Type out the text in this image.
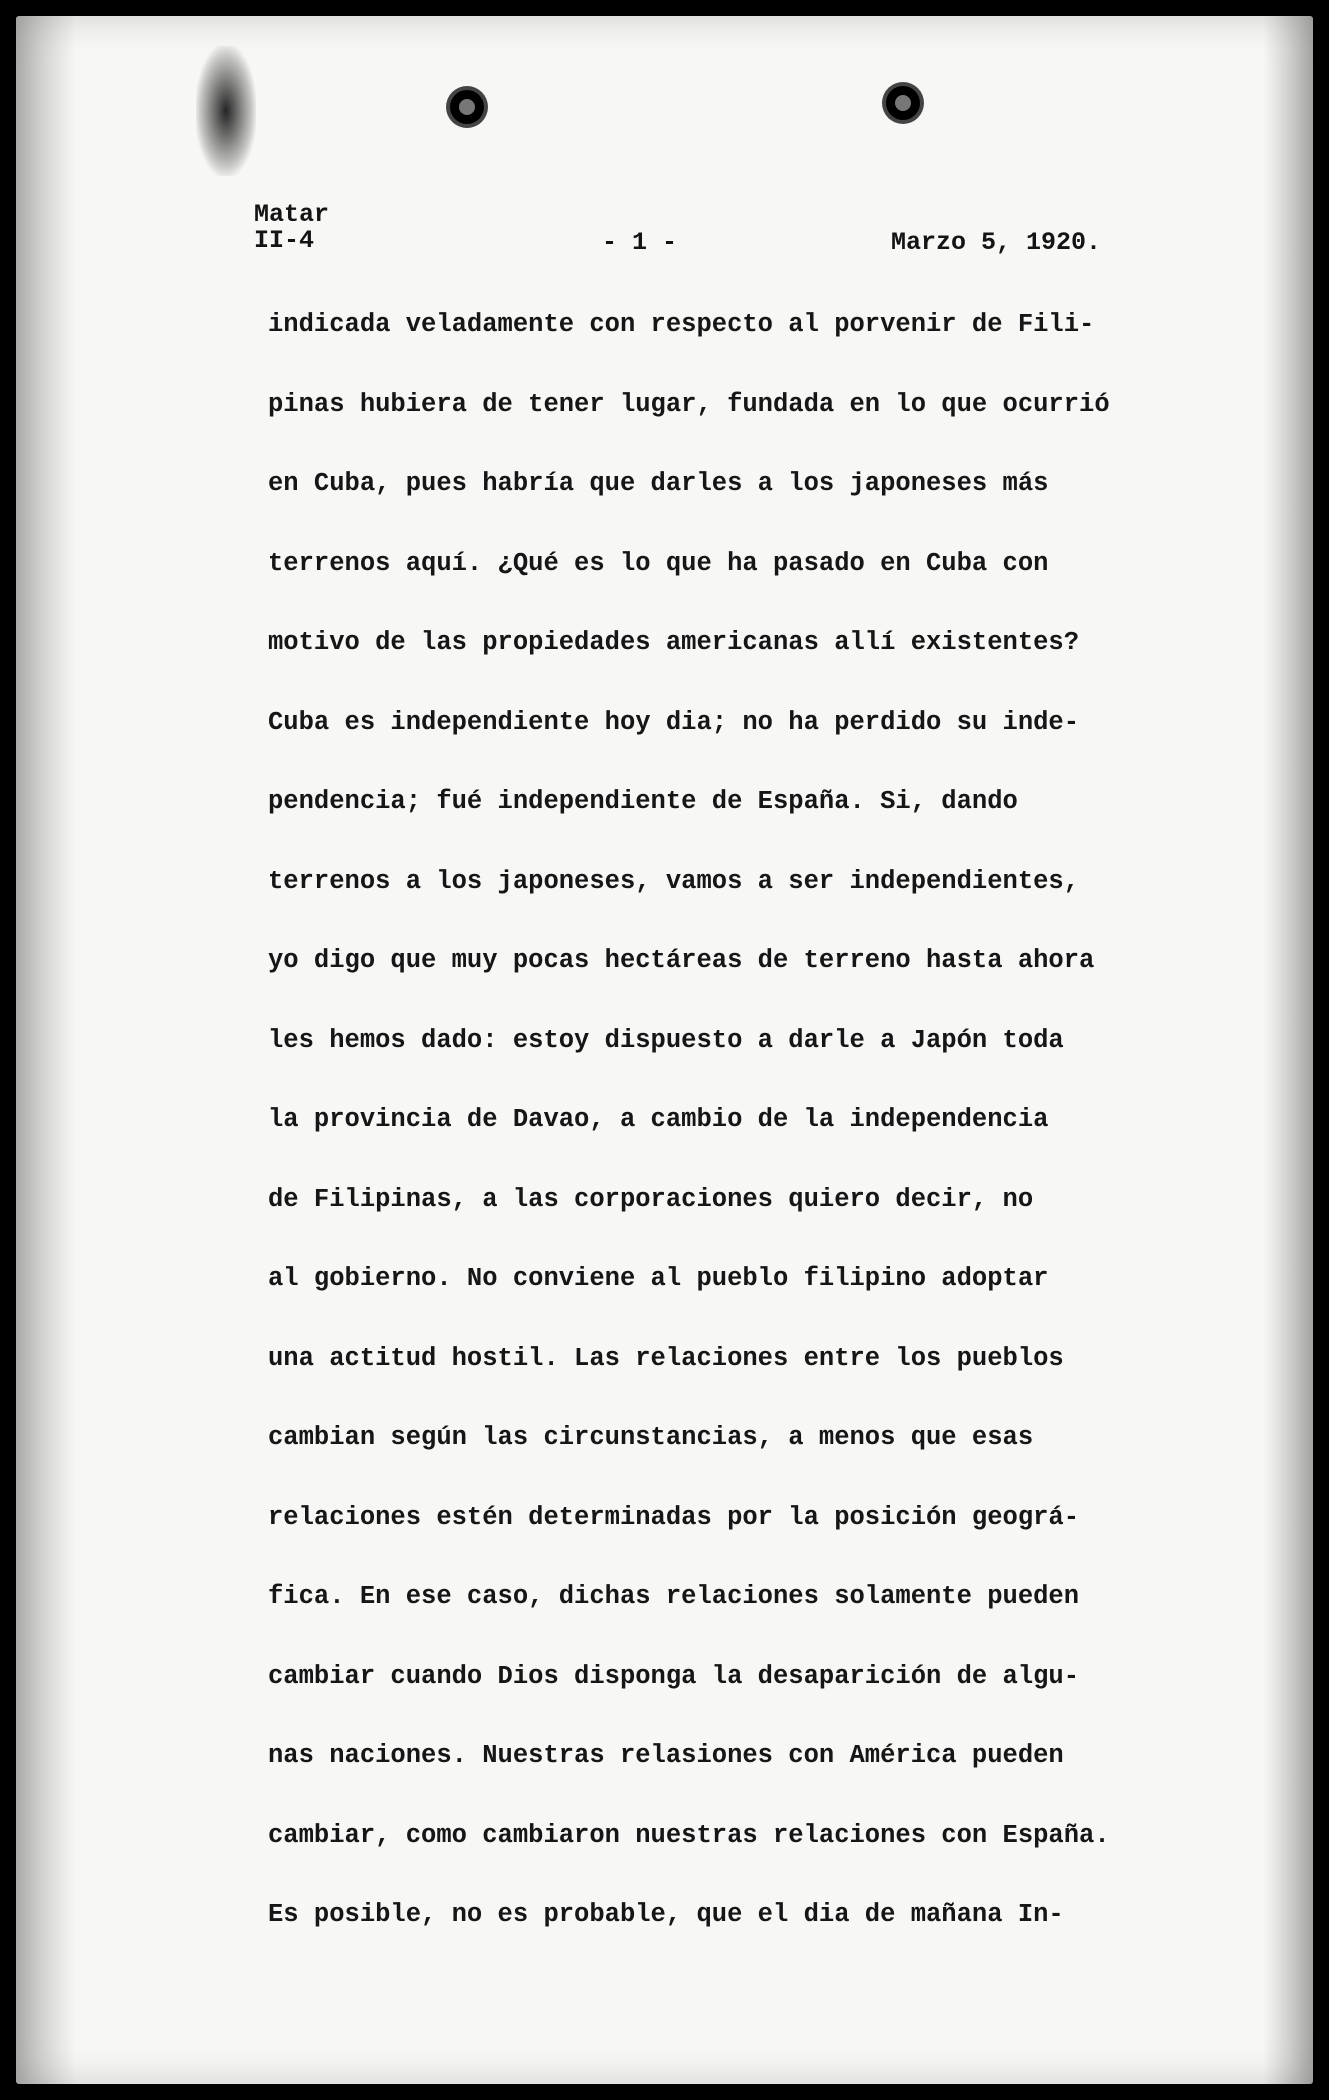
Matar
II-4	- 1 -	Marzo 5, 1920.
indicada veladamente con respecto al porvenir de Fili-
pinas hubiera de tener lugar, fundada en lo que ocurrió
en Cuba, pues habría que darles a los japoneses más
terrenos aquí. ¿Qué es lo que ha pasado en Cuba con
motivo de las propiedades americanas allí existentes?
Cuba es independiente hoy dia; no ha perdido su inde-
pendencia; fué independiente de España. Si, dando
terrenos a los japoneses, vamos a ser independientes,
yo digo que muy pocas hectáreas de terreno hasta ahora
les hemos dado: estoy dispuesto a darle a Japón toda
la provincia de Davao, a cambio de la independencia
de Filipinas, a las corporaciones quiero decir, no
al gobierno. No conviene al pueblo filipino adoptar
una actitud hostil. Las relaciones entre los pueblos
cambian según las circunstancias, a menos que esas
relaciones estén determinadas por la posición geográ-
fica. En ese caso, dichas relaciones solamente pueden
cambiar cuando Dios disponga la desaparición de algu-
nas naciones. Nuestras relasiones con América pueden
cambiar, como cambiaron nuestras relaciones con España.
Es posible, no es probable, que el dia de mañana In-
